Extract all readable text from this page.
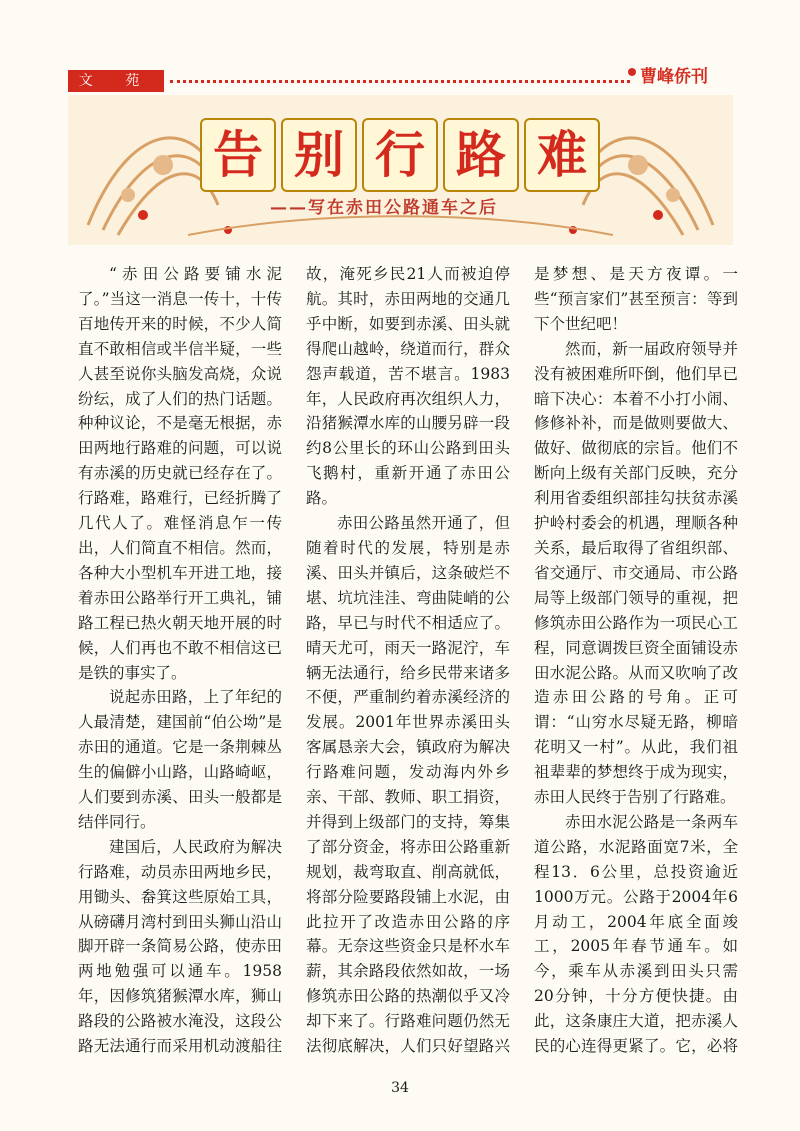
文 苑	曹峰侨刊
告 别 行 路 难
——写在赤田公路通车之后

“赤田公路要铺水泥了。”当这一消息一传十，十传百地传开来的时候，不少人简直不敢相信或半信半疑，一些人甚至说你头脑发高烧，众说纷纭，成了人们的热门话题。种种议论，不是毫无根据，赤田两地行路难的问题，可以说有赤溪的历史就已经存在了。行路难，路难行，已经折腾了几代人了。难怪消息乍一传出，人们简直不相信。然而，各种大小型机车开进工地，接着赤田公路举行开工典礼，铺路工程已热火朝天地开展的时候，人们再也不敢不相信这已是铁的事实了。

说起赤田路，上了年纪的人最清楚，建国前“伯公坳”是赤田的通道。它是一条荆棘丛生的偏僻小山路，山路崎岖，人们要到赤溪、田头一般都是结伴同行。

建国后，人民政府为解决行路难，动员赤田两地乡民，用锄头、畚箕这些原始工具，从磅礴月湾村到田头狮山沿山脚开辟一条简易公路，使赤田两地勉强可以通车。1958年，因修筑猪𤠣潭水库，狮山路段的公路被水淹没，这段公路无法通行而采用机动渡船往

故，淹死乡民21人而被迫停航。其时，赤田两地的交通几乎中断，如要到赤溪、田头就得爬山越岭，绕道而行，群众怨声载道，苦不堪言。1983年，人民政府再次组织人力，沿猪𤠣潭水库的山腰另辟一段约8公里长的环山公路到田头飞鹅村，重新开通了赤田公路。

赤田公路虽然开通了，但随着时代的发展，特别是赤溪、田头并镇后，这条破烂不堪、坑坑洼洼、弯曲陡峭的公路，早已与时代不相适应了。晴天尤可，雨天一路泥泞，车辆无法通行，给乡民带来诸多不便，严重制约着赤溪经济的发展。2001年世界赤溪田头客属恳亲大会，镇政府为解决行路难问题，发动海内外乡亲、干部、教师、职工捐资，并得到上级部门的支持，筹集了部分资金，将赤田公路重新规划，裁弯取直、削高就低，将部分险要路段铺上水泥，由此拉开了改造赤田公路的序幕。无奈这些资金只是杯水车薪，其余路段依然如故，一场修筑赤田公路的热潮似乎又冷却下来了。行路难问题仍然无法彻底解决，人们只好望路兴

是梦想、是天方夜谭。一些“预言家们”甚至预言：等到下个世纪吧！

然而，新一届政府领导并没有被困难所吓倒，他们早已暗下决心：本着不小打小闹、修修补补，而是做则要做大、做好、做彻底的宗旨。他们不断向上级有关部门反映，充分利用省委组织部挂勾扶贫赤溪护岭村委会的机遇，理顺各种关系，最后取得了省组织部、省交通厅、市交通局、市公路局等上级部门领导的重视，把修筑赤田公路作为一项民心工程，同意调拨巨资全面铺设赤田水泥公路。从而又吹响了改造赤田公路的号角。正可谓：“山穷水尽疑无路，柳暗花明又一村”。从此，我们祖祖辈辈的梦想终于成为现实，赤田人民终于告别了行路难。

赤田水泥公路是一条两车道公路，水泥路面宽7米，全程13．6公里，总投资逾近1000万元。公路于2004年6月动工，2004年底全面竣工，2005年春节通车。如今，乘车从赤溪到田头只需20分钟，十分方便快捷。由此，这条康庄大道，把赤溪人民的心连得更紧了。它，必将

34
